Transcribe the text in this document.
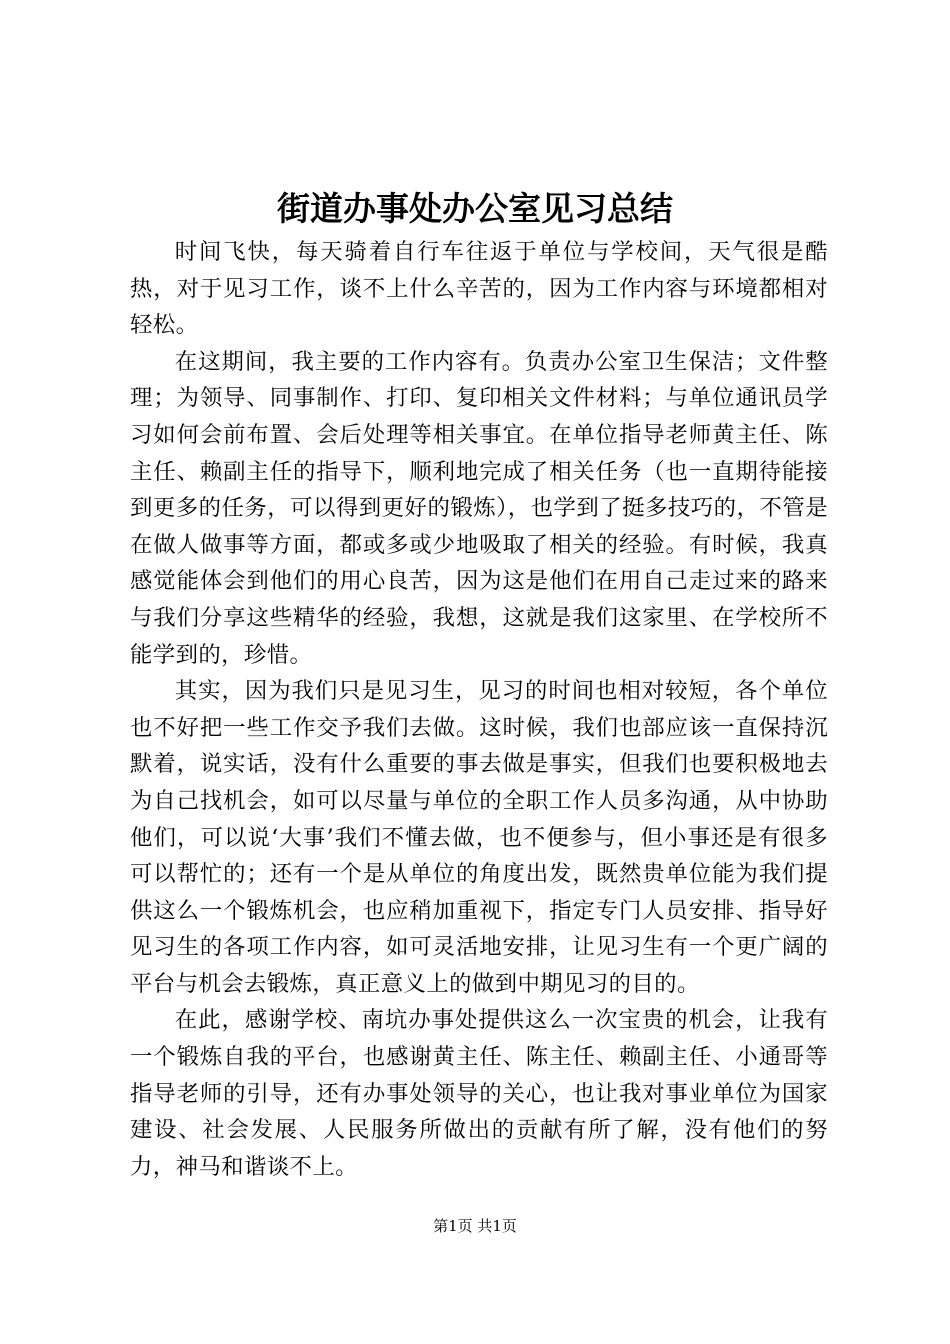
街道办事处办公室见习总结

时间飞快，每天骑着自行车往返于单位与学校间，天气很是酷热，对于见习工作，谈不上什么辛苦的，因为工作内容与环境都相对轻松。

在这期间，我主要的工作内容有。负责办公室卫生保洁；文件整理；为领导、同事制作、打印、复印相关文件材料；与单位通讯员学习如何会前布置、会后处理等相关事宜。在单位指导老师黄主任、陈主任、赖副主任的指导下，顺利地完成了相关任务（也一直期待能接到更多的任务，可以得到更好的锻炼），也学到了挺多技巧的，不管是在做人做事等方面，都或多或少地吸取了相关的经验。有时候，我真感觉能体会到他们的用心良苦，因为这是他们在用自己走过来的路来与我们分享这些精华的经验，我想，这就是我们这家里、在学校所不能学到的，珍惜。

其实，因为我们只是见习生，见习的时间也相对较短，各个单位也不好把一些工作交予我们去做。这时候，我们也部应该一直保持沉默着，说实话，没有什么重要的事去做是事实，但我们也要积极地去为自己找机会，如可以尽量与单位的全职工作人员多沟通，从中协助他们，可以说‘大事’我们不懂去做，也不便参与，但小事还是有很多可以帮忙的；还有一个是从单位的角度出发，既然贵单位能为我们提供这么一个锻炼机会，也应稍加重视下，指定专门人员安排、指导好见习生的各项工作内容，如可灵活地安排，让见习生有一个更广阔的平台与机会去锻炼，真正意义上的做到中期见习的目的。

在此，感谢学校、南坑办事处提供这么一次宝贵的机会，让我有一个锻炼自我的平台，也感谢黄主任、陈主任、赖副主任、小通哥等指导老师的引导，还有办事处领导的关心，也让我对事业单位为国家建设、社会发展、人民服务所做出的贡献有所了解，没有他们的努力，神马和谐谈不上。

第1页 共1页
